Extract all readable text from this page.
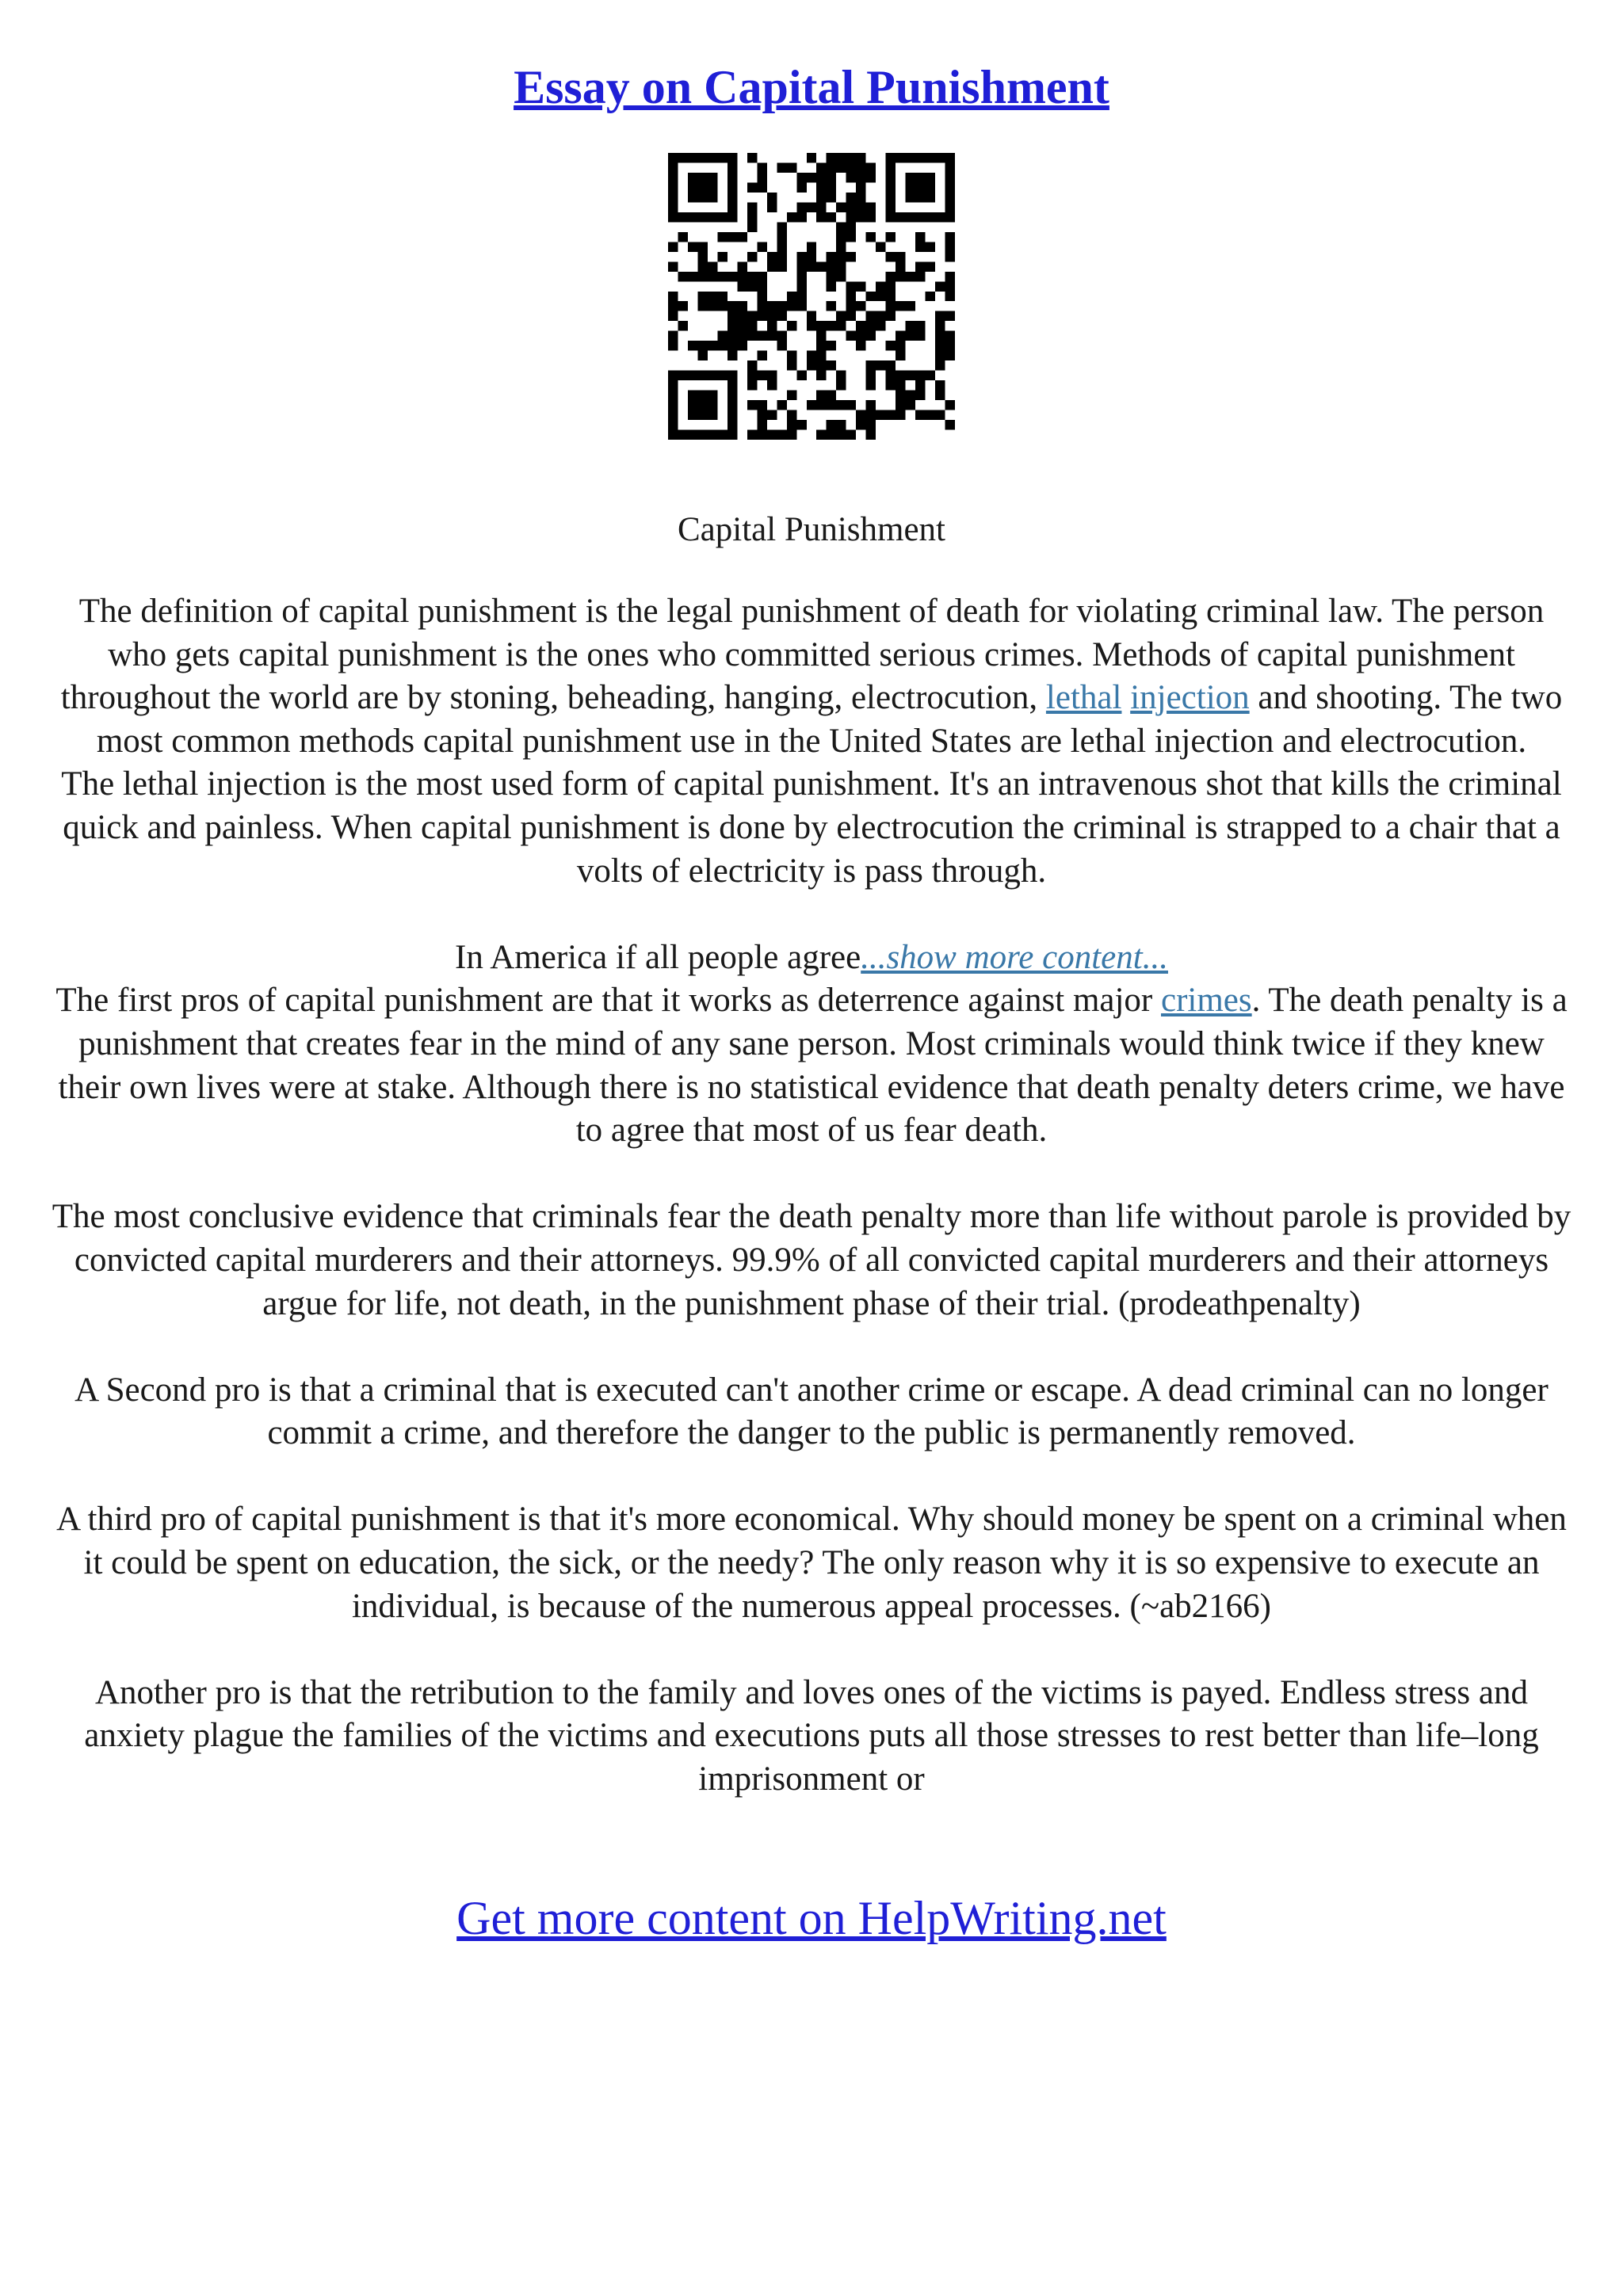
Essay on Capital Punishment
Capital Punishment

The definition of capital punishment is the legal punishment of death for violating criminal law. The person who gets capital punishment is the ones who committed serious crimes. Methods of capital punishment throughout the world are by stoning, beheading, hanging, electrocution, lethal injection and shooting. The two most common methods capital punishment use in the United States are lethal injection and electrocution.

The lethal injection is the most used form of capital punishment. It's an intravenous shot that kills the criminal quick and painless. When capital punishment is done by electrocution the criminal is strapped to a chair that a volts of electricity is pass through.

In America if all people agree...show more content...

The first pros of capital punishment are that it works as deterrence against major crimes. The death penalty is a punishment that creates fear in the mind of any sane person. Most criminals would think twice if they knew their own lives were at stake. Although there is no statistical evidence that death penalty deters crime, we have to agree that most of us fear death.

The most conclusive evidence that criminals fear the death penalty more than life without parole is provided by convicted capital murderers and their attorneys. 99.9% of all convicted capital murderers and their attorneys argue for life, not death, in the punishment phase of their trial. (prodeathpenalty)

A Second pro is that a criminal that is executed can't another crime or escape. A dead criminal can no longer commit a crime, and therefore the danger to the public is permanently removed.

A third pro of capital punishment is that it's more economical. Why should money be spent on a criminal when it could be spent on education, the sick, or the needy? The only reason why it is so expensive to execute an individual, is because of the numerous appeal processes. (~ab2166)

Another pro is that the retribution to the family and loves ones of the victims is payed. Endless stress and anxiety plague the families of the victims and executions puts all those stresses to rest better than life–long imprisonment or

Get more content on HelpWriting.net
